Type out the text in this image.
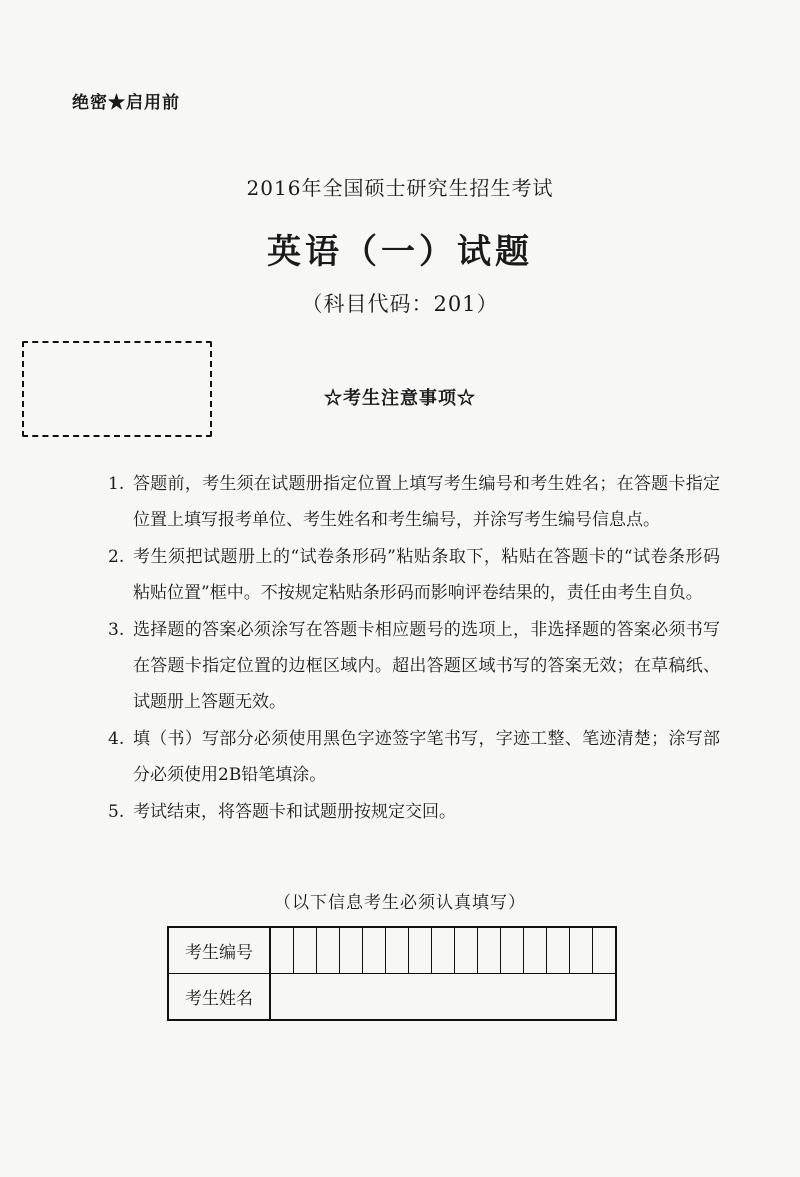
绝密★启用前
2016年全国硕士研究生招生考试
英语（一）试题
（科目代码：201）
☆考生注意事项☆
1. 答题前，考生须在试题册指定位置上填写考生编号和考生姓名；在答题卡指定位置上填写报考单位、考生姓名和考生编号，并涂写考生编号信息点。
2. 考生须把试题册上的“试卷条形码”粘贴条取下，粘贴在答题卡的“试卷条形码粘贴位置”框中。不按规定粘贴条形码而影响评卷结果的，责任由考生自负。
3. 选择题的答案必须涂写在答题卡相应题号的选项上，非选择题的答案必须书写在答题卡指定位置的边框区域内。超出答题区域书写的答案无效；在草稿纸、试题册上答题无效。
4. 填（书）写部分必须使用黑色字迹签字笔书写，字迹工整、笔迹清楚；涂写部分必须使用2B铅笔填涂。
5. 考试结束，将答题卡和试题册按规定交回。
（以下信息考生必须认真填写）
考生编号															
考生姓名															
